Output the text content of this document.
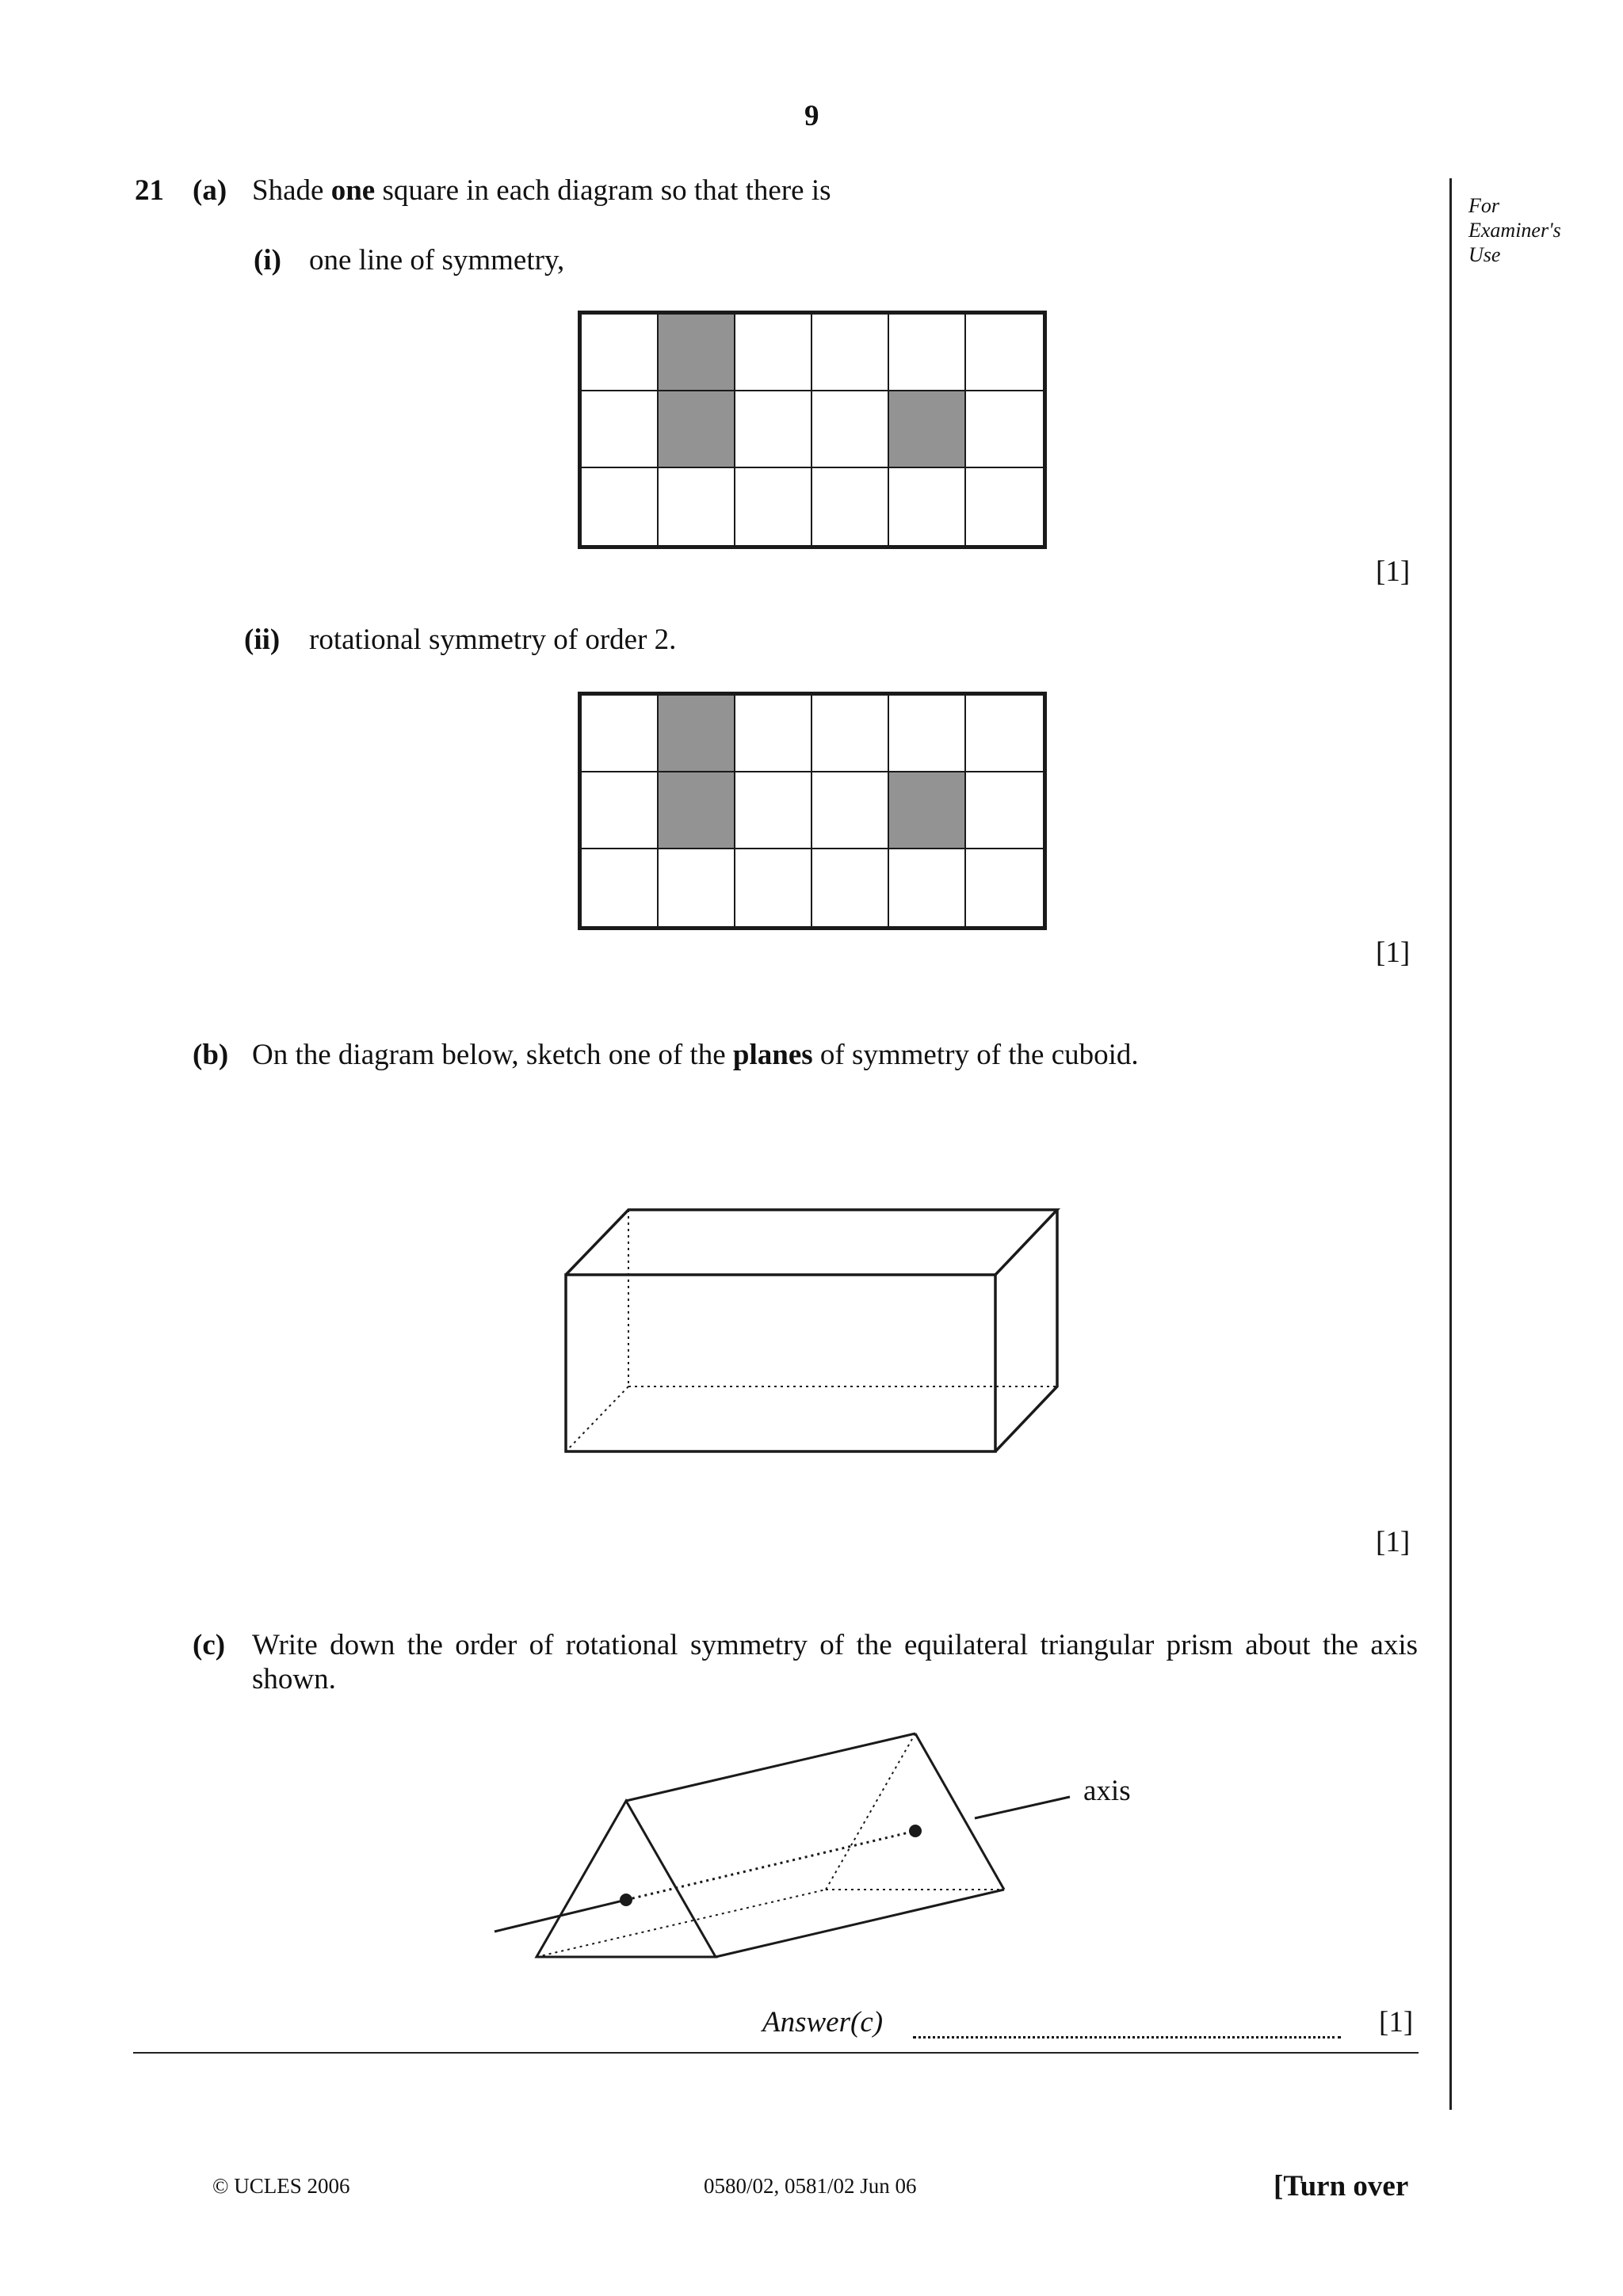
9
For Examiner's Use
21 (a) Shade one square in each diagram so that there is
(i) one line of symmetry,
[1]
(ii) rotational symmetry of order 2.
[1]
(b) On the diagram below, sketch one of the planes of symmetry of the cuboid.
[1]
(c) Write down the order of rotational symmetry of the equilateral triangular prism about the axis
shown.
axis
Answer(c)	[1]
© UCLES 2006	0580/02, 0581/02 Jun 06	[Turn over
